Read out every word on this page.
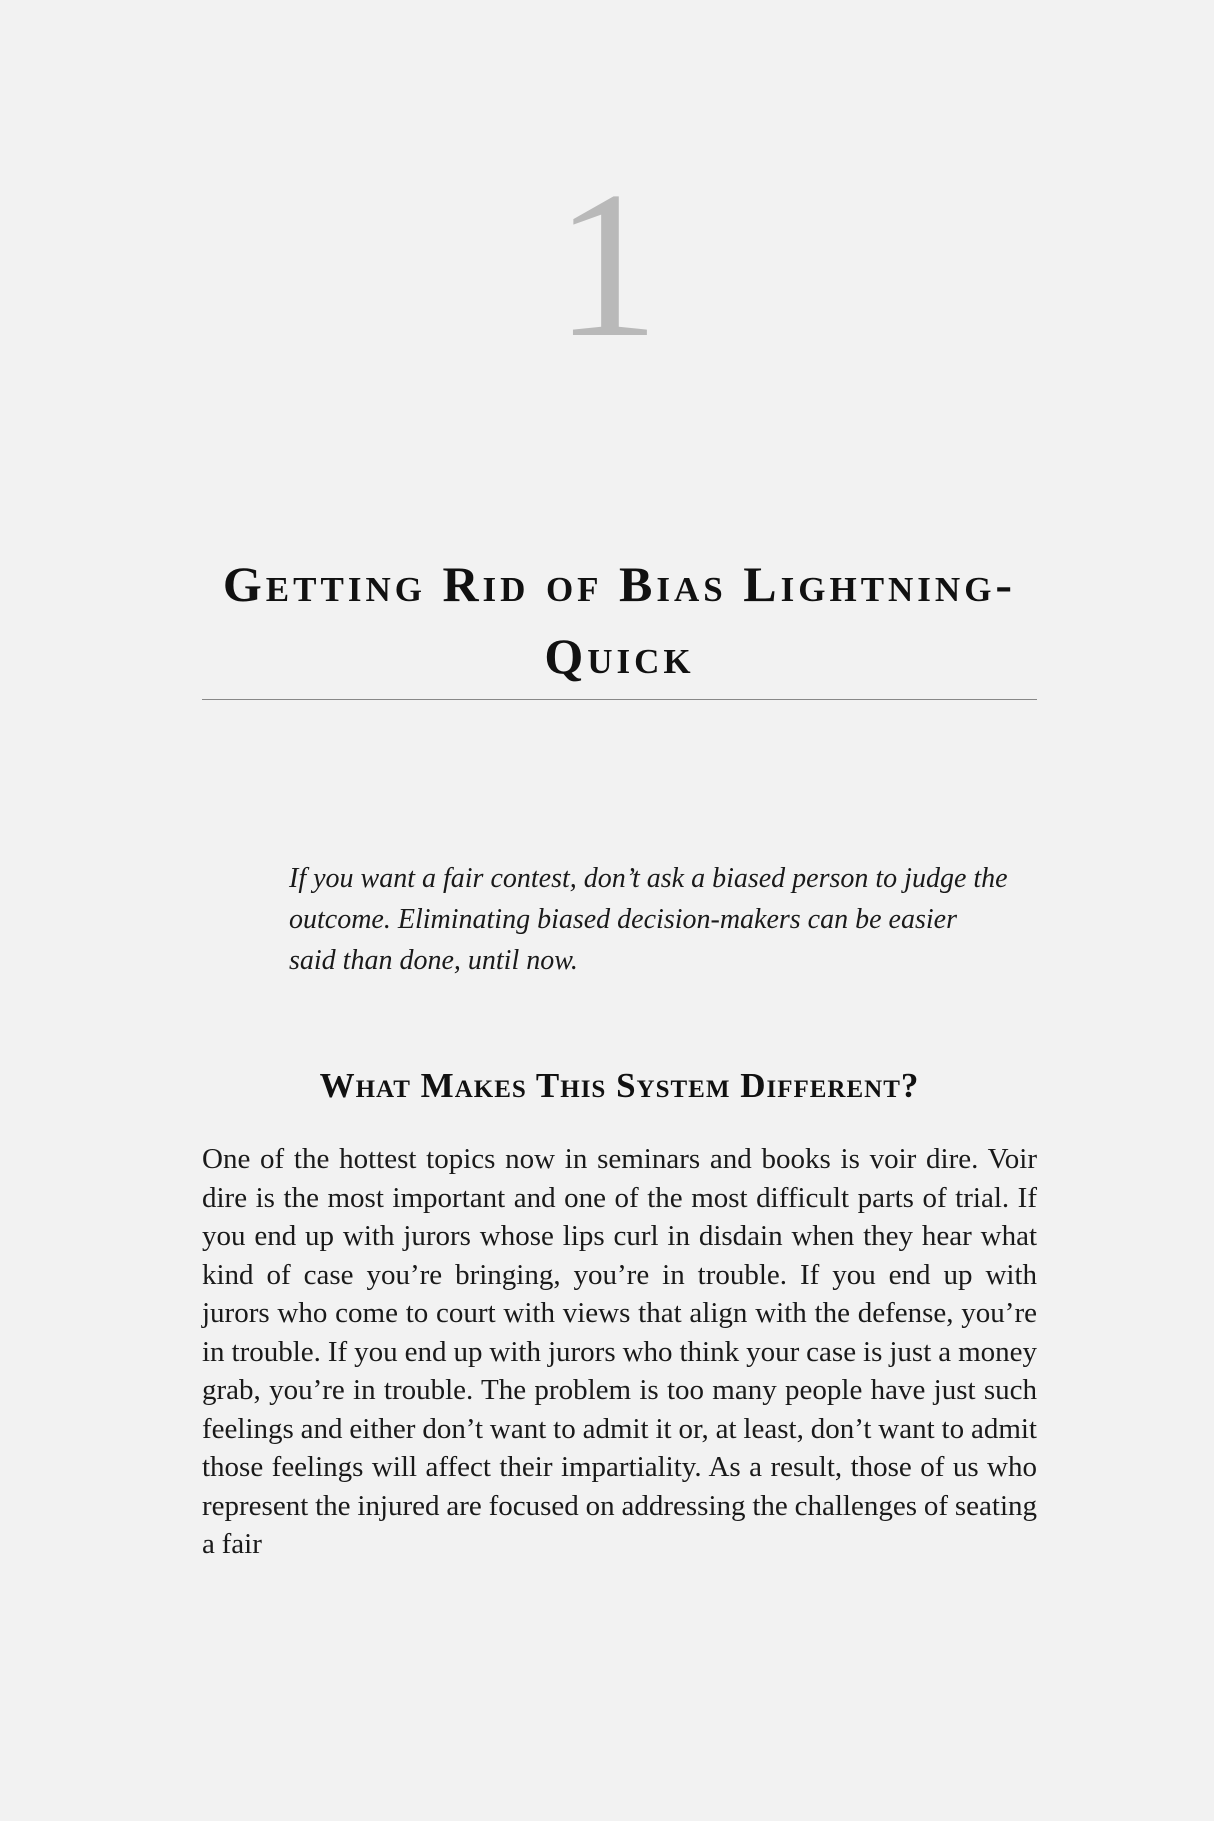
1
Getting Rid of Bias Lightning-Quick

If you want a fair contest, don’t ask a biased person to judge the outcome. Eliminating biased decision-makers can be easier said than done, until now.

What Makes This System Different?

One of the hottest topics now in seminars and books is voir dire. Voir dire is the most important and one of the most difficult parts of trial. If you end up with jurors whose lips curl in disdain when they hear what kind of case you’re bringing, you’re in trouble. If you end up with jurors who come to court with views that align with the defense, you’re in trouble. If you end up with jurors who think your case is just a money grab, you’re in trouble. The problem is too many people have just such feelings and either don’t want to admit it or, at least, don’t want to admit those feelings will affect their impartiality. As a result, those of us who represent the injured are focused on addressing the challenges of seating a fair
